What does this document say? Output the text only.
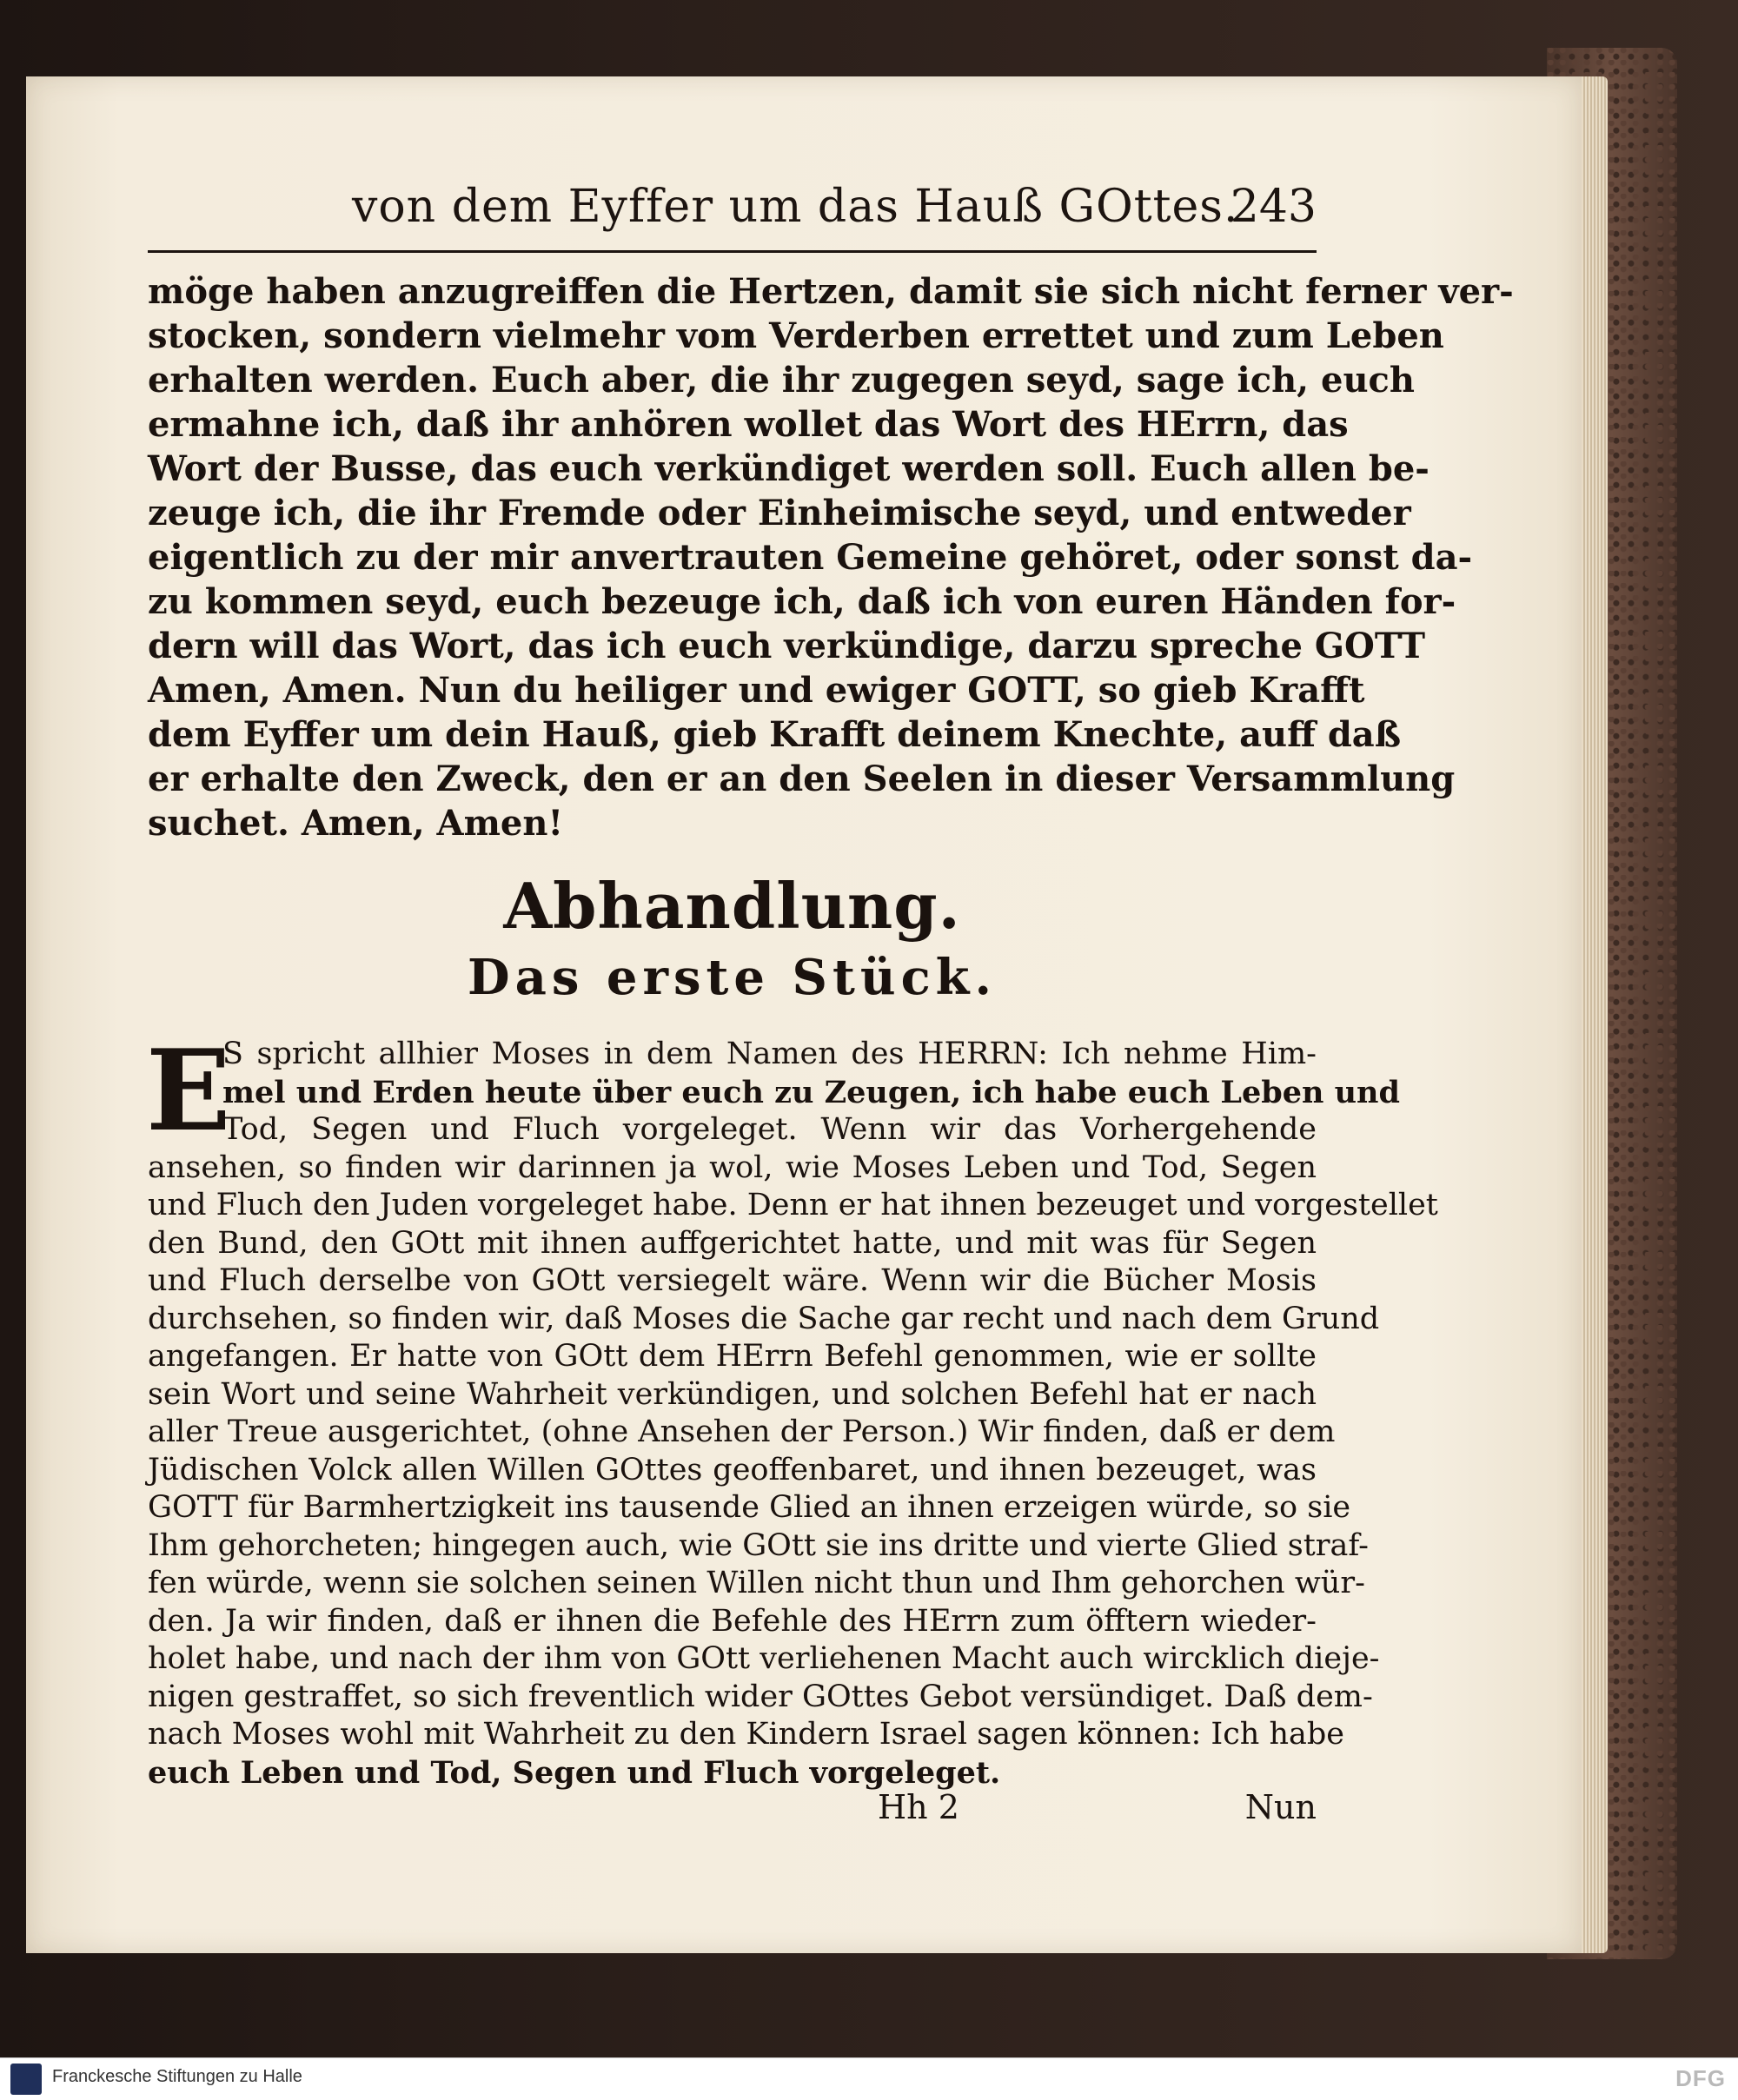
von dem Eyffer um das Hauß GOttes.
243
möge haben anzugreiffen die Hertzen, damit sie sich nicht ferner ver-
stocken, sondern vielmehr vom Verderben errettet und zum Leben
erhalten werden. Euch aber, die ihr zugegen seyd, sage ich, euch
ermahne ich, daß ihr anhören wollet das Wort des HErrn, das
Wort der Busse, das euch verkündiget werden soll. Euch allen be-
zeuge ich, die ihr Fremde oder Einheimische seyd, und entweder
eigentlich zu der mir anvertrauten Gemeine gehöret, oder sonst da-
zu kommen seyd, euch bezeuge ich, daß ich von euren Händen for-
dern will das Wort, das ich euch verkündige, darzu spreche GOTT
Amen, Amen. Nun du heiliger und ewiger GOTT, so gieb Krafft
dem Eyffer um dein Hauß, gieb Krafft deinem Knechte, auff daß
er erhalte den Zweck, den er an den Seelen in dieser Versammlung
suchet. Amen, Amen!
Abhandlung.
Das erste Stück.
E
S spricht allhier Moses in dem Namen des HERRN: Ich nehme Him-
mel und Erden heute über euch zu Zeugen, ich habe euch Leben und
Tod, Segen und Fluch vorgeleget. Wenn wir das Vorhergehende
ansehen, so finden wir darinnen ja wol, wie Moses Leben und Tod, Segen
und Fluch den Juden vorgeleget habe. Denn er hat ihnen bezeuget und vorgestellet
den Bund, den GOtt mit ihnen auffgerichtet hatte, und mit was für Segen
und Fluch derselbe von GOtt versiegelt wäre. Wenn wir die Bücher Mosis
durchsehen, so finden wir, daß Moses die Sache gar recht und nach dem Grund
angefangen. Er hatte von GOtt dem HErrn Befehl genommen, wie er sollte
sein Wort und seine Wahrheit verkündigen, und solchen Befehl hat er nach
aller Treue ausgerichtet, (ohne Ansehen der Person.) Wir finden, daß er dem
Jüdischen Volck allen Willen GOttes geoffenbaret, und ihnen bezeuget, was
GOTT für Barmhertzigkeit ins tausende Glied an ihnen erzeigen würde, so sie
Ihm gehorcheten; hingegen auch, wie GOtt sie ins dritte und vierte Glied straf-
fen würde, wenn sie solchen seinen Willen nicht thun und Ihm gehorchen wür-
den. Ja wir finden, daß er ihnen die Befehle des HErrn zum öfftern wieder-
holet habe, und nach der ihm von GOtt verliehenen Macht auch wircklich dieje-
nigen gestraffet, so sich freventlich wider GOttes Gebot versündiget. Daß dem-
nach Moses wohl mit Wahrheit zu den Kindern Israel sagen können: Ich habe
euch Leben und Tod, Segen und Fluch vorgeleget.
Hh 2	Nun
Franckesche Stiftungen zu Halle	DFG
